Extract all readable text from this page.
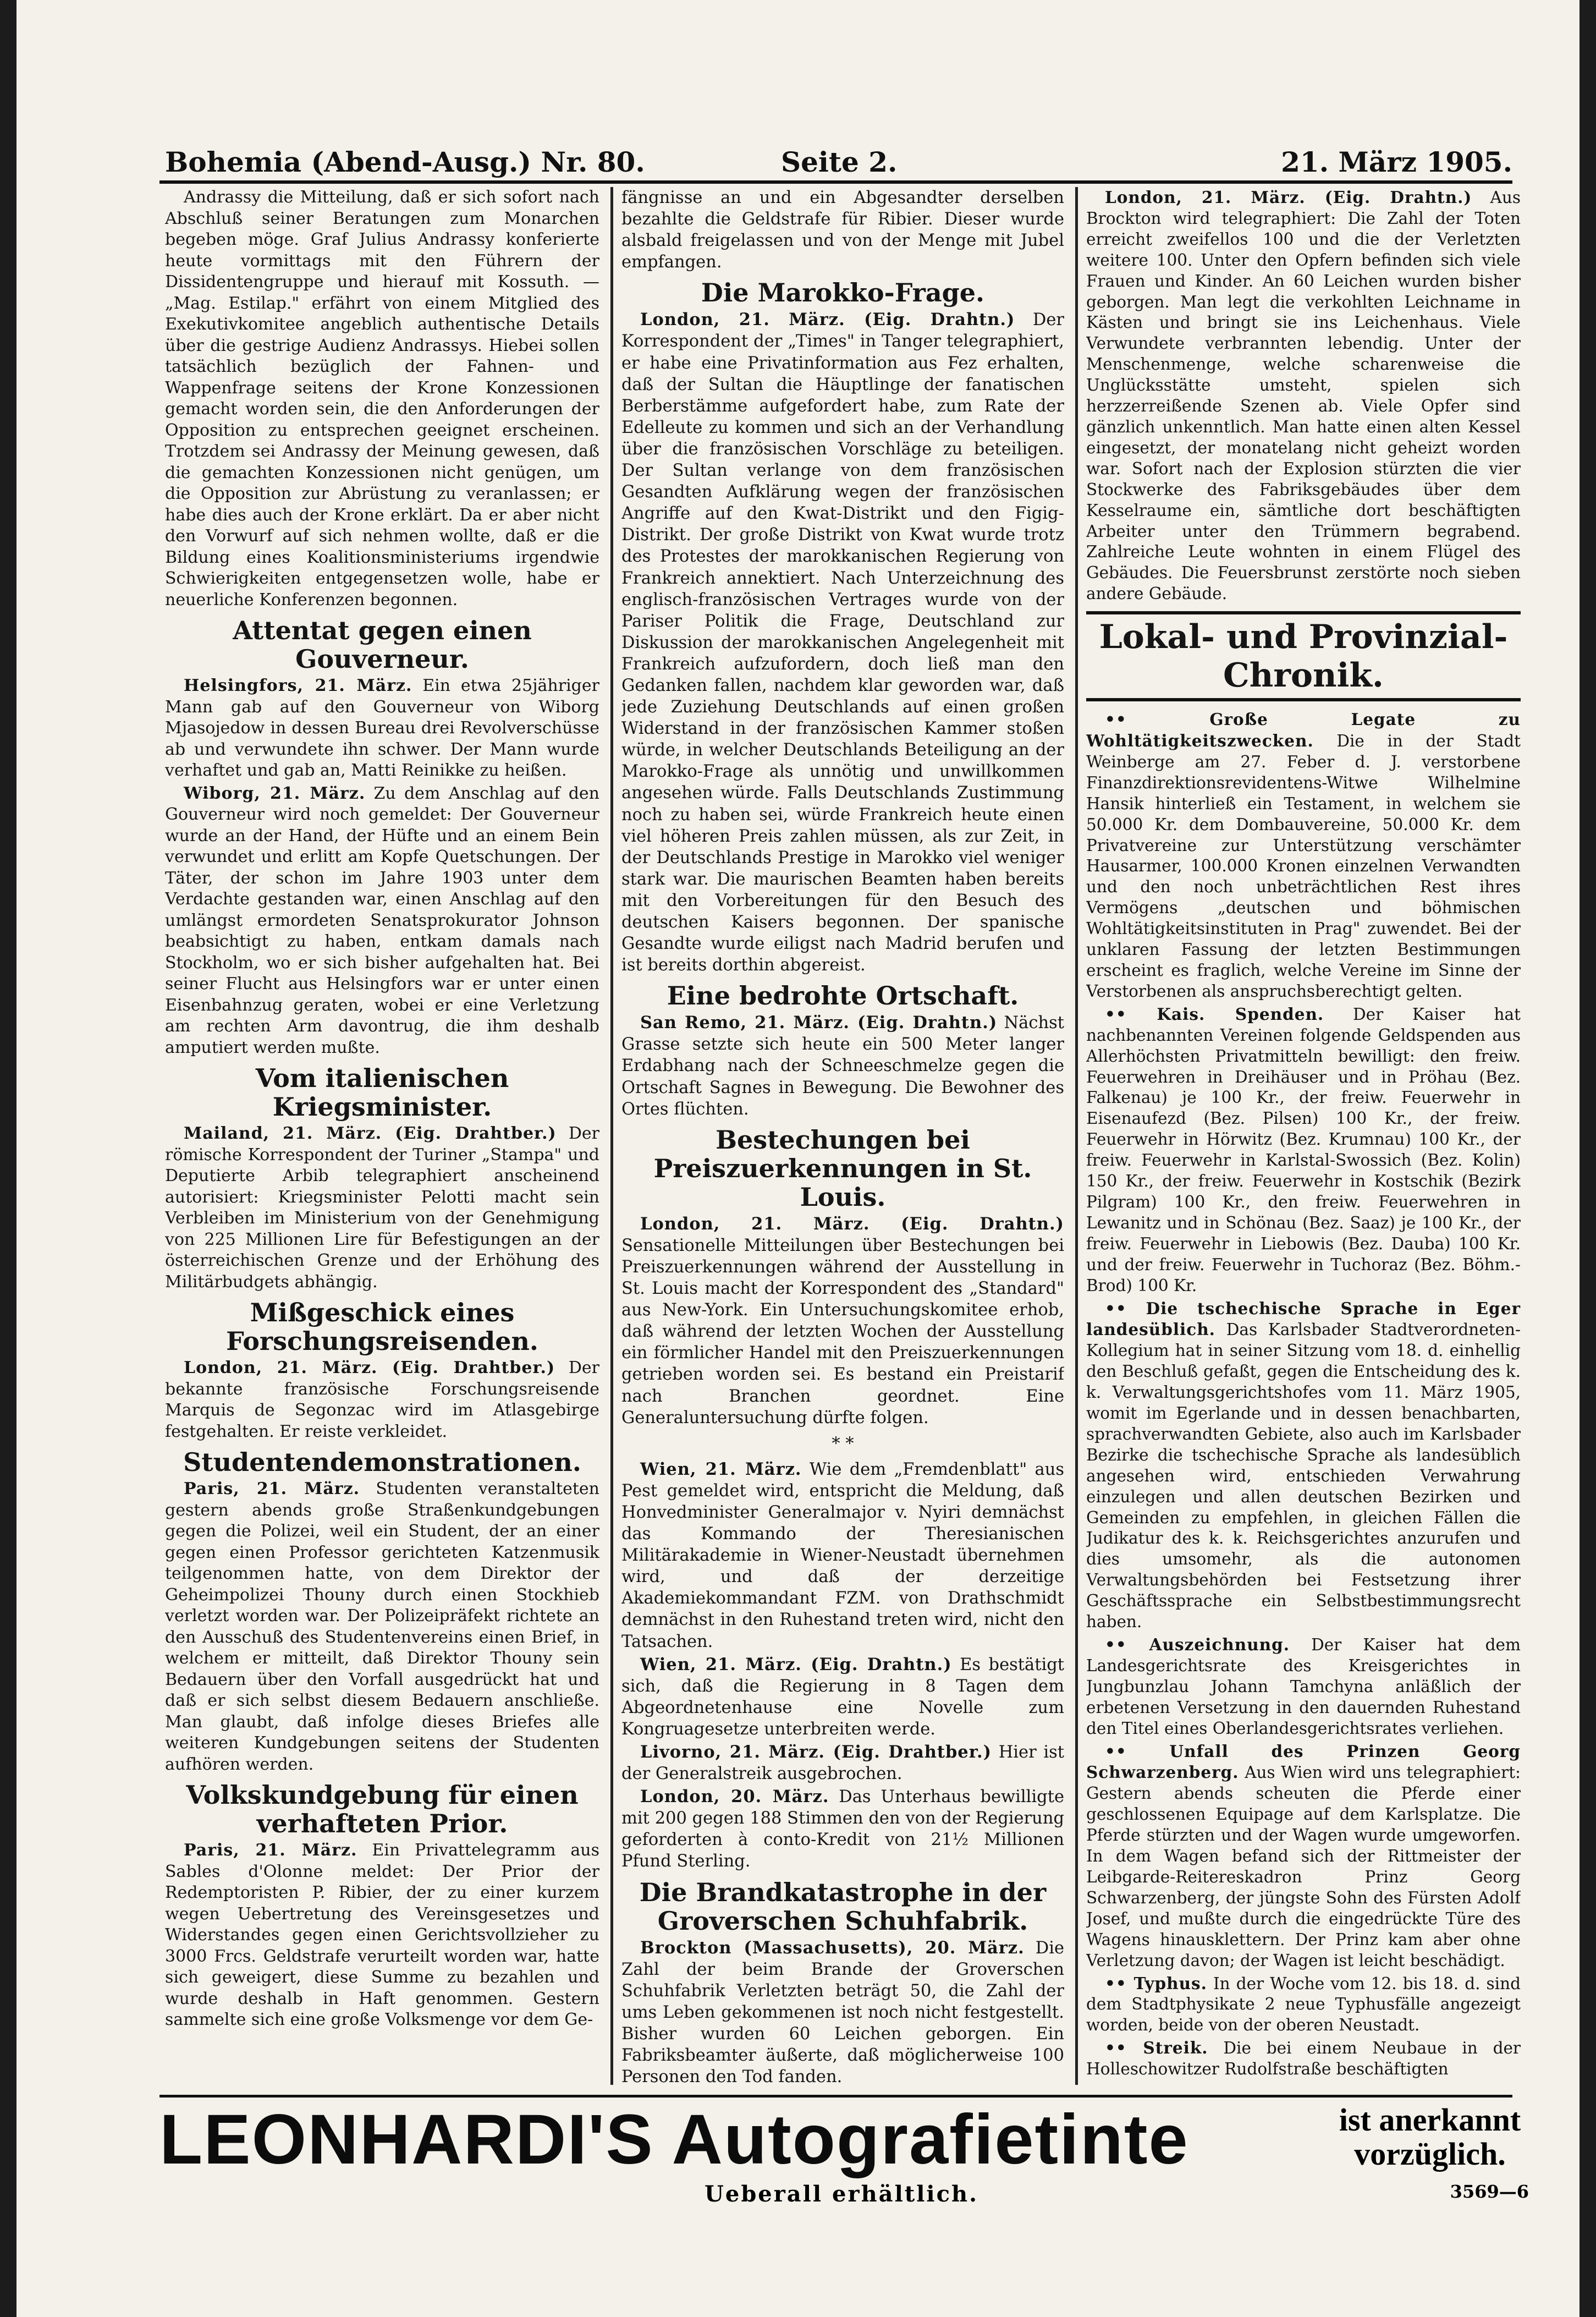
Bohemia (Abend-Ausg.) Nr. 80.	Seite 2.	21. März 1905.

Andrassy die Mitteilung, daß er sich sofort nach Abschluß seiner Beratungen zum Monarchen begeben möge. Graf Julius Andrassy konferierte heute vormittags mit den Führern der Dissidentengruppe und hierauf mit Kossuth. — „Mag. Estilap." erfährt von einem Mitglied des Exekutivkomitee angeblich authentische Details über die gestrige Audienz Andrassys. Hiebei sollen tatsächlich bezüglich der Fahnen- und Wappenfrage seitens der Krone Konzessionen gemacht worden sein, die den Anforderungen der Opposition zu entsprechen geeignet erscheinen. Trotzdem sei Andrassy der Meinung gewesen, daß die gemachten Konzessionen nicht genügen, um die Opposition zur Abrüstung zu veranlassen; er habe dies auch der Krone erklärt. Da er aber nicht den Vorwurf auf sich nehmen wollte, daß er die Bildung eines Koalitionsministeriums irgendwie Schwierigkeiten entgegensetzen wolle, habe er neuerliche Konferenzen begonnen.

Attentat gegen einen Gouverneur.

Helsingfors, 21. März. Ein etwa 25jähriger Mann gab auf den Gouverneur von Wiborg Mjasojedow in dessen Bureau drei Revolverschüsse ab und verwundete ihn schwer. Der Mann wurde verhaftet und gab an, Matti Reinikke zu heißen.

Wiborg, 21. März. Zu dem Anschlag auf den Gouverneur wird noch gemeldet: Der Gouverneur wurde an der Hand, der Hüfte und an einem Bein verwundet und erlitt am Kopfe Quetschungen. Der Täter, der schon im Jahre 1903 unter dem Verdachte gestanden war, einen Anschlag auf den umlängst ermordeten Senatsprokurator Johnson beabsichtigt zu haben, entkam damals nach Stockholm, wo er sich bisher aufgehalten hat. Bei seiner Flucht aus Helsingfors war er unter einen Eisenbahnzug geraten, wobei er eine Verletzung am rechten Arm davontrug, die ihm deshalb amputiert werden mußte.

Vom italienischen Kriegsminister.

Mailand, 21. März. (Eig. Drahtber.) Der römische Korrespondent der Turiner „Stampa" und Deputierte Arbib telegraphiert anscheinend autorisiert: Kriegsminister Pelotti macht sein Verbleiben im Ministerium von der Genehmigung von 225 Millionen Lire für Befestigungen an der österreichischen Grenze und der Erhöhung des Militärbudgets abhängig.

Mißgeschick eines Forschungsreisenden.

London, 21. März. (Eig. Drahtber.) Der bekannte französische Forschungsreisende Marquis de Segonzac wird im Atlasgebirge festgehalten. Er reiste verkleidet.

Studentendemonstrationen.

Paris, 21. März. Studenten veranstalteten gestern abends große Straßenkundgebungen gegen die Polizei, weil ein Student, der an einer gegen einen Professor gerichteten Katzenmusik teilgenommen hatte, von dem Direktor der Geheimpolizei Thouny durch einen Stockhieb verletzt worden war. Der Polizeipräfekt richtete an den Ausschuß des Studentenvereins einen Brief, in welchem er mitteilt, daß Direktor Thouny sein Bedauern über den Vorfall ausgedrückt hat und daß er sich selbst diesem Bedauern anschließe. Man glaubt, daß infolge dieses Briefes alle weiteren Kundgebungen seitens der Studenten aufhören werden.

Volkskundgebung für einen verhafteten Prior.

Paris, 21. März. Ein Privattelegramm aus Sables d'Olonne meldet: Der Prior der Redemptoristen P. Ribier, der zu einer kurzem wegen Uebertretung des Vereinsgesetzes und Widerstandes gegen einen Gerichtsvollzieher zu 3000 Frcs. Geldstrafe verurteilt worden war, hatte sich geweigert, diese Summe zu bezahlen und wurde deshalb in Haft genommen. Gestern sammelte sich eine große Volksmenge vor dem Ge-

fängnisse an und ein Abgesandter derselben bezahlte die Geldstrafe für Ribier. Dieser wurde alsbald freigelassen und von der Menge mit Jubel empfangen.

Die Marokko-Frage.

London, 21. März. (Eig. Drahtn.) Der Korrespondent der „Times" in Tanger telegraphiert, er habe eine Privatinformation aus Fez erhalten, daß der Sultan die Häuptlinge der fanatischen Berberstämme aufgefordert habe, zum Rate der Edelleute zu kommen und sich an der Verhandlung über die französischen Vorschläge zu beteiligen. Der Sultan verlange von dem französischen Gesandten Aufklärung wegen der französischen Angriffe auf den Kwat-Distrikt und den Figig-Distrikt. Der große Distrikt von Kwat wurde trotz des Protestes der marokkanischen Regierung von Frankreich annektiert. Nach Unterzeichnung des englisch-französischen Vertrages wurde von der Pariser Politik die Frage, Deutschland zur Diskussion der marokkanischen Angelegenheit mit Frankreich aufzufordern, doch ließ man den Gedanken fallen, nachdem klar geworden war, daß jede Zuziehung Deutschlands auf einen großen Widerstand in der französischen Kammer stoßen würde, in welcher Deutschlands Beteiligung an der Marokko-Frage als unnötig und unwillkommen angesehen würde. Falls Deutschlands Zustimmung noch zu haben sei, würde Frankreich heute einen viel höheren Preis zahlen müssen, als zur Zeit, in der Deutschlands Prestige in Marokko viel weniger stark war. Die maurischen Beamten haben bereits mit den Vorbereitungen für den Besuch des deutschen Kaisers begonnen. Der spanische Gesandte wurde eiligst nach Madrid berufen und ist bereits dorthin abgereist.

Eine bedrohte Ortschaft.

San Remo, 21. März. (Eig. Drahtn.) Nächst Grasse setzte sich heute ein 500 Meter langer Erdabhang nach der Schneeschmelze gegen die Ortschaft Sagnes in Bewegung. Die Bewohner des Ortes flüchten.

Bestechungen bei Preiszuerkennungen in St. Louis.

London, 21. März. (Eig. Drahtn.) Sensationelle Mitteilungen über Bestechungen bei Preiszuerkennungen während der Ausstellung in St. Louis macht der Korrespondent des „Standard" aus New-York. Ein Untersuchungskomitee erhob, daß während der letzten Wochen der Ausstellung ein förmlicher Handel mit den Preiszuerkennungen getrieben worden sei. Es bestand ein Preistarif nach Branchen geordnet. Eine Generaluntersuchung dürfte folgen.

* *

Wien, 21. März. Wie dem „Fremdenblatt" aus Pest gemeldet wird, entspricht die Meldung, daß Honvedminister Generalmajor v. Nyiri demnächst das Kommando der Theresianischen Militärakademie in Wiener-Neustadt übernehmen wird, und daß der derzeitige Akademiekommandant FZM. von Drathschmidt demnächst in den Ruhestand treten wird, nicht den Tatsachen.

Wien, 21. März. (Eig. Drahtn.) Es bestätigt sich, daß die Regierung in 8 Tagen dem Abgeordnetenhause eine Novelle zum Kongruagesetze unterbreiten werde.

Livorno, 21. März. (Eig. Drahtber.) Hier ist der Generalstreik ausgebrochen.

London, 20. März. Das Unterhaus bewilligte mit 200 gegen 188 Stimmen den von der Regierung geforderten à conto-Kredit von 21½ Millionen Pfund Sterling.

Die Brandkatastrophe in der Groverschen Schuhfabrik.

Brockton (Massachusetts), 20. März. Die Zahl der beim Brande der Groverschen Schuhfabrik Verletzten beträgt 50, die Zahl der ums Leben gekommenen ist noch nicht festgestellt. Bisher wurden 60 Leichen geborgen. Ein Fabriksbeamter äußerte, daß möglicherweise 100 Personen den Tod fanden.

London, 21. März. (Eig. Drahtn.) Aus Brockton wird telegraphiert: Die Zahl der Toten erreicht zweifellos 100 und die der Verletzten weitere 100. Unter den Opfern befinden sich viele Frauen und Kinder. An 60 Leichen wurden bisher geborgen. Man legt die verkohlten Leichname in Kästen und bringt sie ins Leichenhaus. Viele Verwundete verbrannten lebendig. Unter der Menschenmenge, welche scharenweise die Unglücksstätte umsteht, spielen sich herzzerreißende Szenen ab. Viele Opfer sind gänzlich unkenntlich. Man hatte einen alten Kessel eingesetzt, der monatelang nicht geheizt worden war. Sofort nach der Explosion stürzten die vier Stockwerke des Fabriksgebäudes über dem Kesselraume ein, sämtliche dort beschäftigten Arbeiter unter den Trümmern begrabend. Zahlreiche Leute wohnten in einem Flügel des Gebäudes. Die Feuersbrunst zerstörte noch sieben andere Gebäude.

Lokal- und Provinzial-Chronik.

•• Große Legate zu Wohltätigkeitszwecken. Die in der Stadt Weinberge am 27. Feber d. J. verstorbene Finanzdirektionsrevidentens-Witwe Wilhelmine Hansik hinterließ ein Testament, in welchem sie 50.000 Kr. dem Dombauvereine, 50.000 Kr. dem Privatvereine zur Unterstützung verschämter Hausarmer, 100.000 Kronen einzelnen Verwandten und den noch unbeträchtlichen Rest ihres Vermögens „deutschen und böhmischen Wohltätigkeitsinstituten in Prag" zuwendet. Bei der unklaren Fassung der letzten Bestimmungen erscheint es fraglich, welche Vereine im Sinne der Verstorbenen als anspruchsberechtigt gelten.

•• Kais. Spenden. Der Kaiser hat nachbenannten Vereinen folgende Geldspenden aus Allerhöchsten Privatmitteln bewilligt: den freiw. Feuerwehren in Dreihäuser und in Pröhau (Bez. Falkenau) je 100 Kr., der freiw. Feuerwehr in Eisenaufezd (Bez. Pilsen) 100 Kr., der freiw. Feuerwehr in Hörwitz (Bez. Krumnau) 100 Kr., der freiw. Feuerwehr in Karlstal-Swossich (Bez. Kolin) 150 Kr., der freiw. Feuerwehr in Kostschik (Bezirk Pilgram) 100 Kr., den freiw. Feuerwehren in Lewanitz und in Schönau (Bez. Saaz) je 100 Kr., der freiw. Feuerwehr in Liebowis (Bez. Dauba) 100 Kr. und der freiw. Feuerwehr in Tuchoraz (Bez. Böhm.-Brod) 100 Kr.

•• Die tschechische Sprache in Eger landesüblich. Das Karlsbader Stadtverordneten-Kollegium hat in seiner Sitzung vom 18. d. einhellig den Beschluß gefaßt, gegen die Entscheidung des k. k. Verwaltungsgerichtshofes vom 11. März 1905, womit im Egerlande und in dessen benachbarten, sprachverwandten Gebiete, also auch im Karlsbader Bezirke die tschechische Sprache als landesüblich angesehen wird, entschieden Verwahrung einzulegen und allen deutschen Bezirken und Gemeinden zu empfehlen, in gleichen Fällen die Judikatur des k. k. Reichsgerichtes anzurufen und dies umsomehr, als die autonomen Verwaltungsbehörden bei Festsetzung ihrer Geschäftssprache ein Selbstbestimmungsrecht haben.

•• Auszeichnung. Der Kaiser hat dem Landesgerichtsrate des Kreisgerichtes in Jungbunzlau Johann Tamchyna anläßlich der erbetenen Versetzung in den dauernden Ruhestand den Titel eines Oberlandesgerichtsrates verliehen.

•• Unfall des Prinzen Georg Schwarzenberg. Aus Wien wird uns telegraphiert: Gestern abends scheuten die Pferde einer geschlossenen Equipage auf dem Karlsplatze. Die Pferde stürzten und der Wagen wurde umgeworfen. In dem Wagen befand sich der Rittmeister der Leibgarde-Reitereskadron Prinz Georg Schwarzenberg, der jüngste Sohn des Fürsten Adolf Josef, und mußte durch die eingedrückte Türe des Wagens hinausklettern. Der Prinz kam aber ohne Verletzung davon; der Wagen ist leicht beschädigt.

•• Typhus. In der Woche vom 12. bis 18. d. sind dem Stadtphysikate 2 neue Typhusfälle angezeigt worden, beide von der oberen Neustadt.

•• Streik. Die bei einem Neubaue in der Holleschowitzer Rudolfstraße beschäftigten

LEONHARDI'S Autografietinte	ist anerkannt vorzüglich.
Ueberall erhältlich.	3569—6
